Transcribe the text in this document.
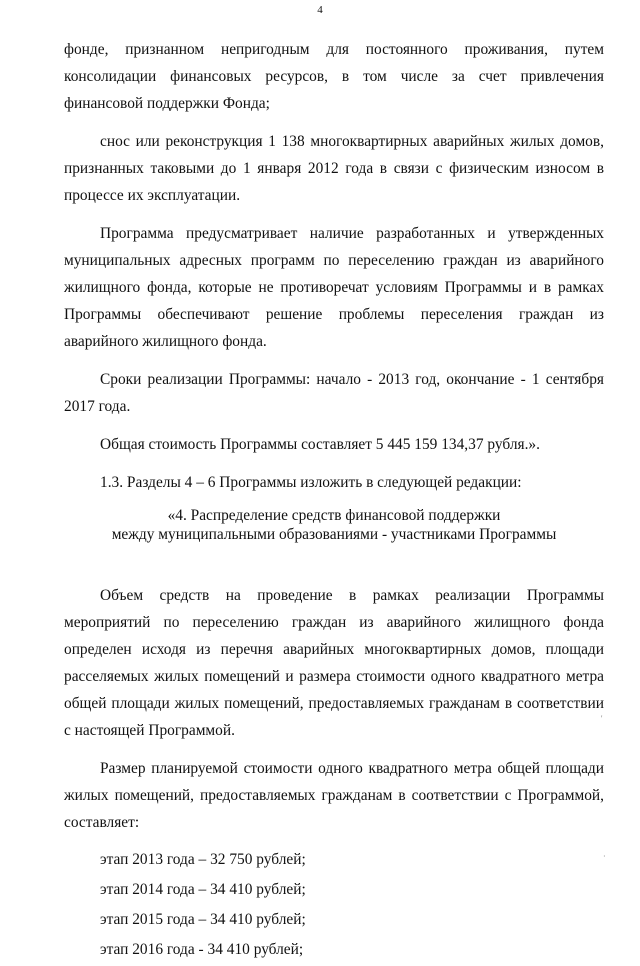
4

фонде, признанном непригодным для постоянного проживания, путем консолидации финансовых ресурсов, в том числе за счет привлечения финансовой поддержки Фонда;

снос или реконструкция 1 138 многоквартирных аварийных жилых домов, признанных таковыми до 1 января 2012 года в связи с физическим износом в процессе их эксплуатации.

Программа предусматривает наличие разработанных и утвержденных муниципальных адресных программ по переселению граждан из аварийного жилищного фонда, которые не противоречат условиям Программы и в рамках Программы обеспечивают решение проблемы переселения граждан из аварийного жилищного фонда.

Сроки реализации Программы: начало - 2013 год, окончание - 1 сентября 2017 года.

Общая стоимость Программы составляет 5 445 159 134,37 рубля.».

1.3. Разделы 4 – 6 Программы изложить в следующей редакции:

«4. Распределение средств финансовой поддержки
между муниципальными образованиями - участниками Программы

Объем средств на проведение в рамках реализации Программы мероприятий по переселению граждан из аварийного жилищного фонда определен исходя из перечня аварийных многоквартирных домов, площади расселяемых жилых помещений и размера стоимости одного квадратного метра общей площади жилых помещений, предоставляемых гражданам в соответствии с настоящей Программой.

Размер планируемой стоимости одного квадратного метра общей площади жилых помещений, предоставляемых гражданам в соответствии с Программой, составляет:

этап 2013 года – 32 750 рублей;
этап 2014 года – 34 410 рублей;
этап 2015 года – 34 410 рублей;
этап 2016 года - 34 410 рублей;
'
·
